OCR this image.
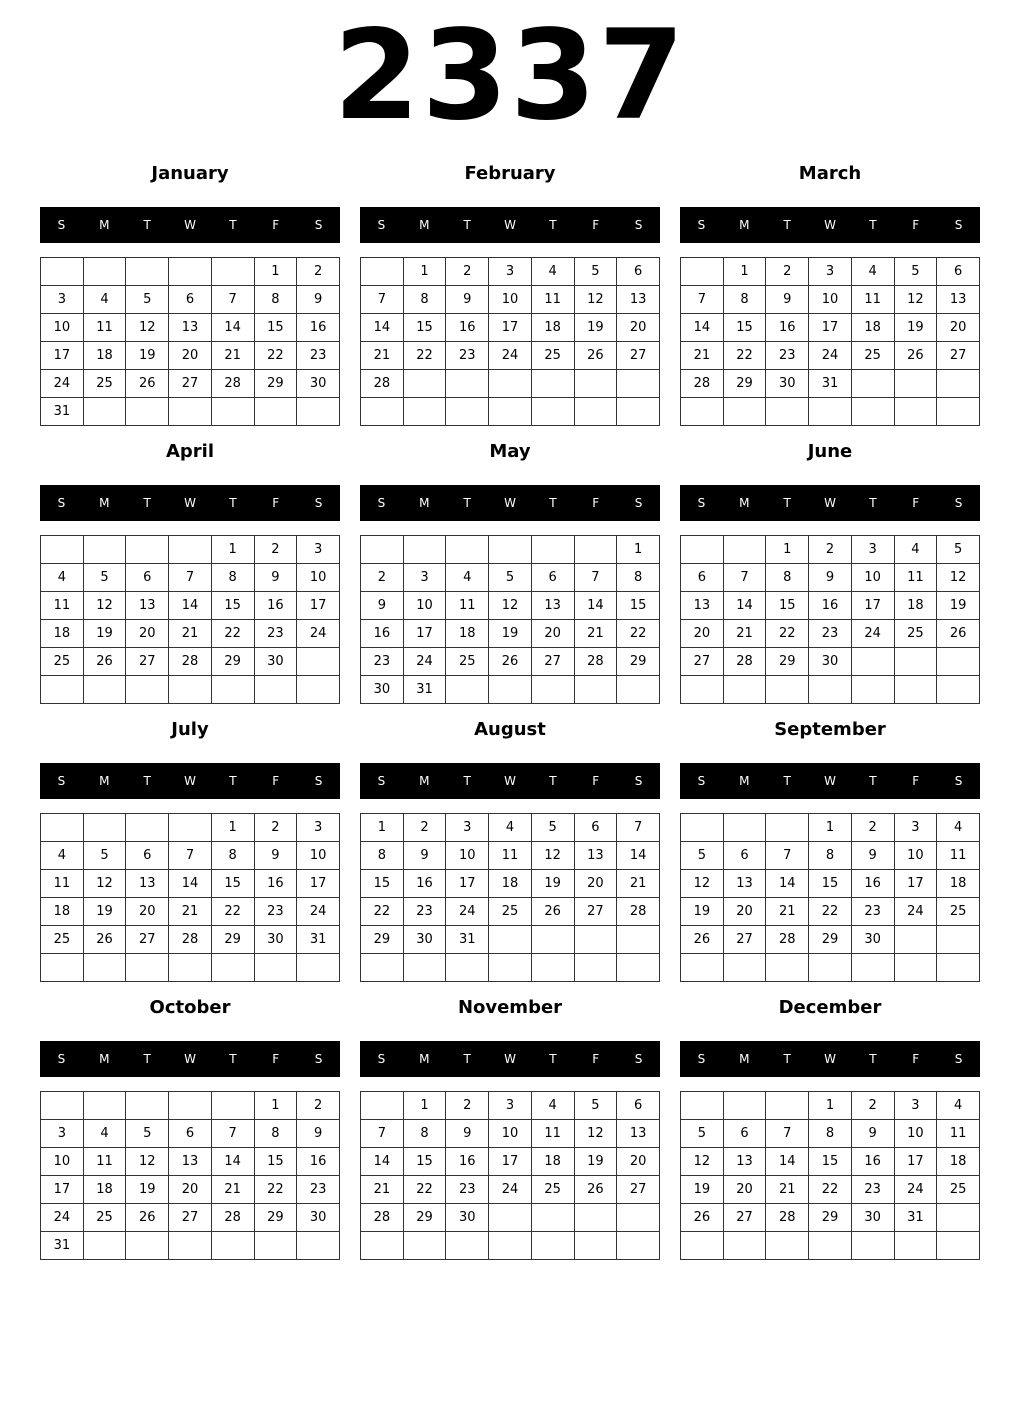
2337
January
S	M	T	W	T	F	S
					1	2
3	4	5	6	7	8	9
10	11	12	13	14	15	16
17	18	19	20	21	22	23
24	25	26	27	28	29	30
31						
February
S	M	T	W	T	F	S
	1	2	3	4	5	6
7	8	9	10	11	12	13
14	15	16	17	18	19	20
21	22	23	24	25	26	27
28						

March
S	M	T	W	T	F	S
	1	2	3	4	5	6
7	8	9	10	11	12	13
14	15	16	17	18	19	20
21	22	23	24	25	26	27
28	29	30	31			

April
S	M	T	W	T	F	S
				1	2	3
4	5	6	7	8	9	10
11	12	13	14	15	16	17
18	19	20	21	22	23	24
25	26	27	28	29	30	

May
S	M	T	W	T	F	S
						1
2	3	4	5	6	7	8
9	10	11	12	13	14	15
16	17	18	19	20	21	22
23	24	25	26	27	28	29
30	31					
June
S	M	T	W	T	F	S
		1	2	3	4	5
6	7	8	9	10	11	12
13	14	15	16	17	18	19
20	21	22	23	24	25	26
27	28	29	30			

July
S	M	T	W	T	F	S
				1	2	3
4	5	6	7	8	9	10
11	12	13	14	15	16	17
18	19	20	21	22	23	24
25	26	27	28	29	30	31

August
S	M	T	W	T	F	S
1	2	3	4	5	6	7
8	9	10	11	12	13	14
15	16	17	18	19	20	21
22	23	24	25	26	27	28
29	30	31				

September
S	M	T	W	T	F	S
			1	2	3	4
5	6	7	8	9	10	11
12	13	14	15	16	17	18
19	20	21	22	23	24	25
26	27	28	29	30		

October
S	M	T	W	T	F	S
					1	2
3	4	5	6	7	8	9
10	11	12	13	14	15	16
17	18	19	20	21	22	23
24	25	26	27	28	29	30
31						
November
S	M	T	W	T	F	S
	1	2	3	4	5	6
7	8	9	10	11	12	13
14	15	16	17	18	19	20
21	22	23	24	25	26	27
28	29	30				

December
S	M	T	W	T	F	S
			1	2	3	4
5	6	7	8	9	10	11
12	13	14	15	16	17	18
19	20	21	22	23	24	25
26	27	28	29	30	31	
